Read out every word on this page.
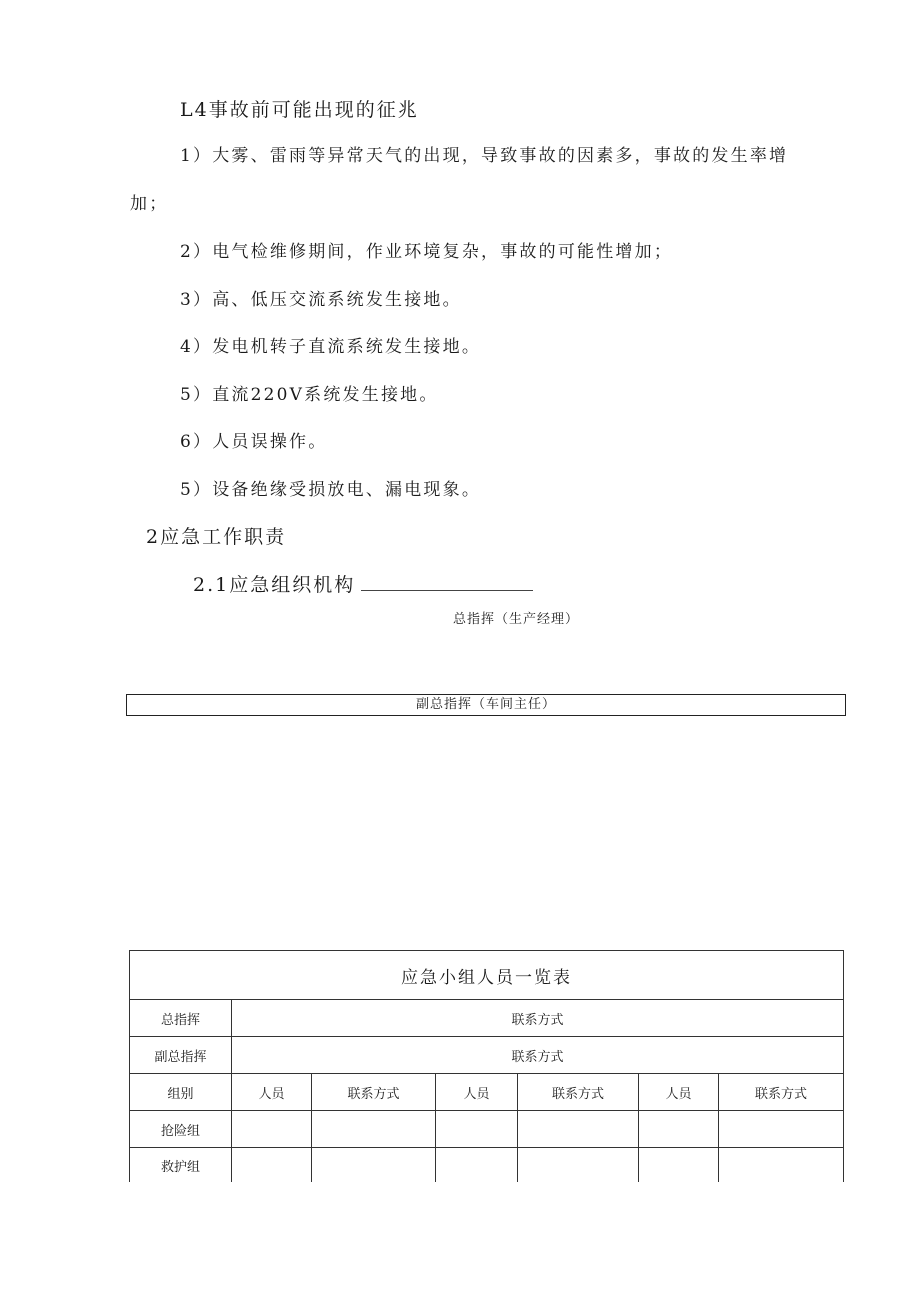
L4事故前可能出现的征兆
1）大雾、雷雨等异常天气的出现，导致事故的因素多，事故的发生率增
加；
2）电气检维修期间，作业环境复杂，事故的可能性增加；
3）高、低压交流系统发生接地。
4）发电机转子直流系统发生接地。
5）直流220V系统发生接地。
6）人员误操作。
5）设备绝缘受损放电、漏电现象。
2应急工作职责
2.1应急组织机构
总指挥（生产经理）
副总指挥（车间主任）
应急小组人员一览表						
总指挥	联系方式					
副总指挥	联系方式					
组别	人员	联系方式	人员	联系方式	人员	联系方式
抢险组						
救护组						
